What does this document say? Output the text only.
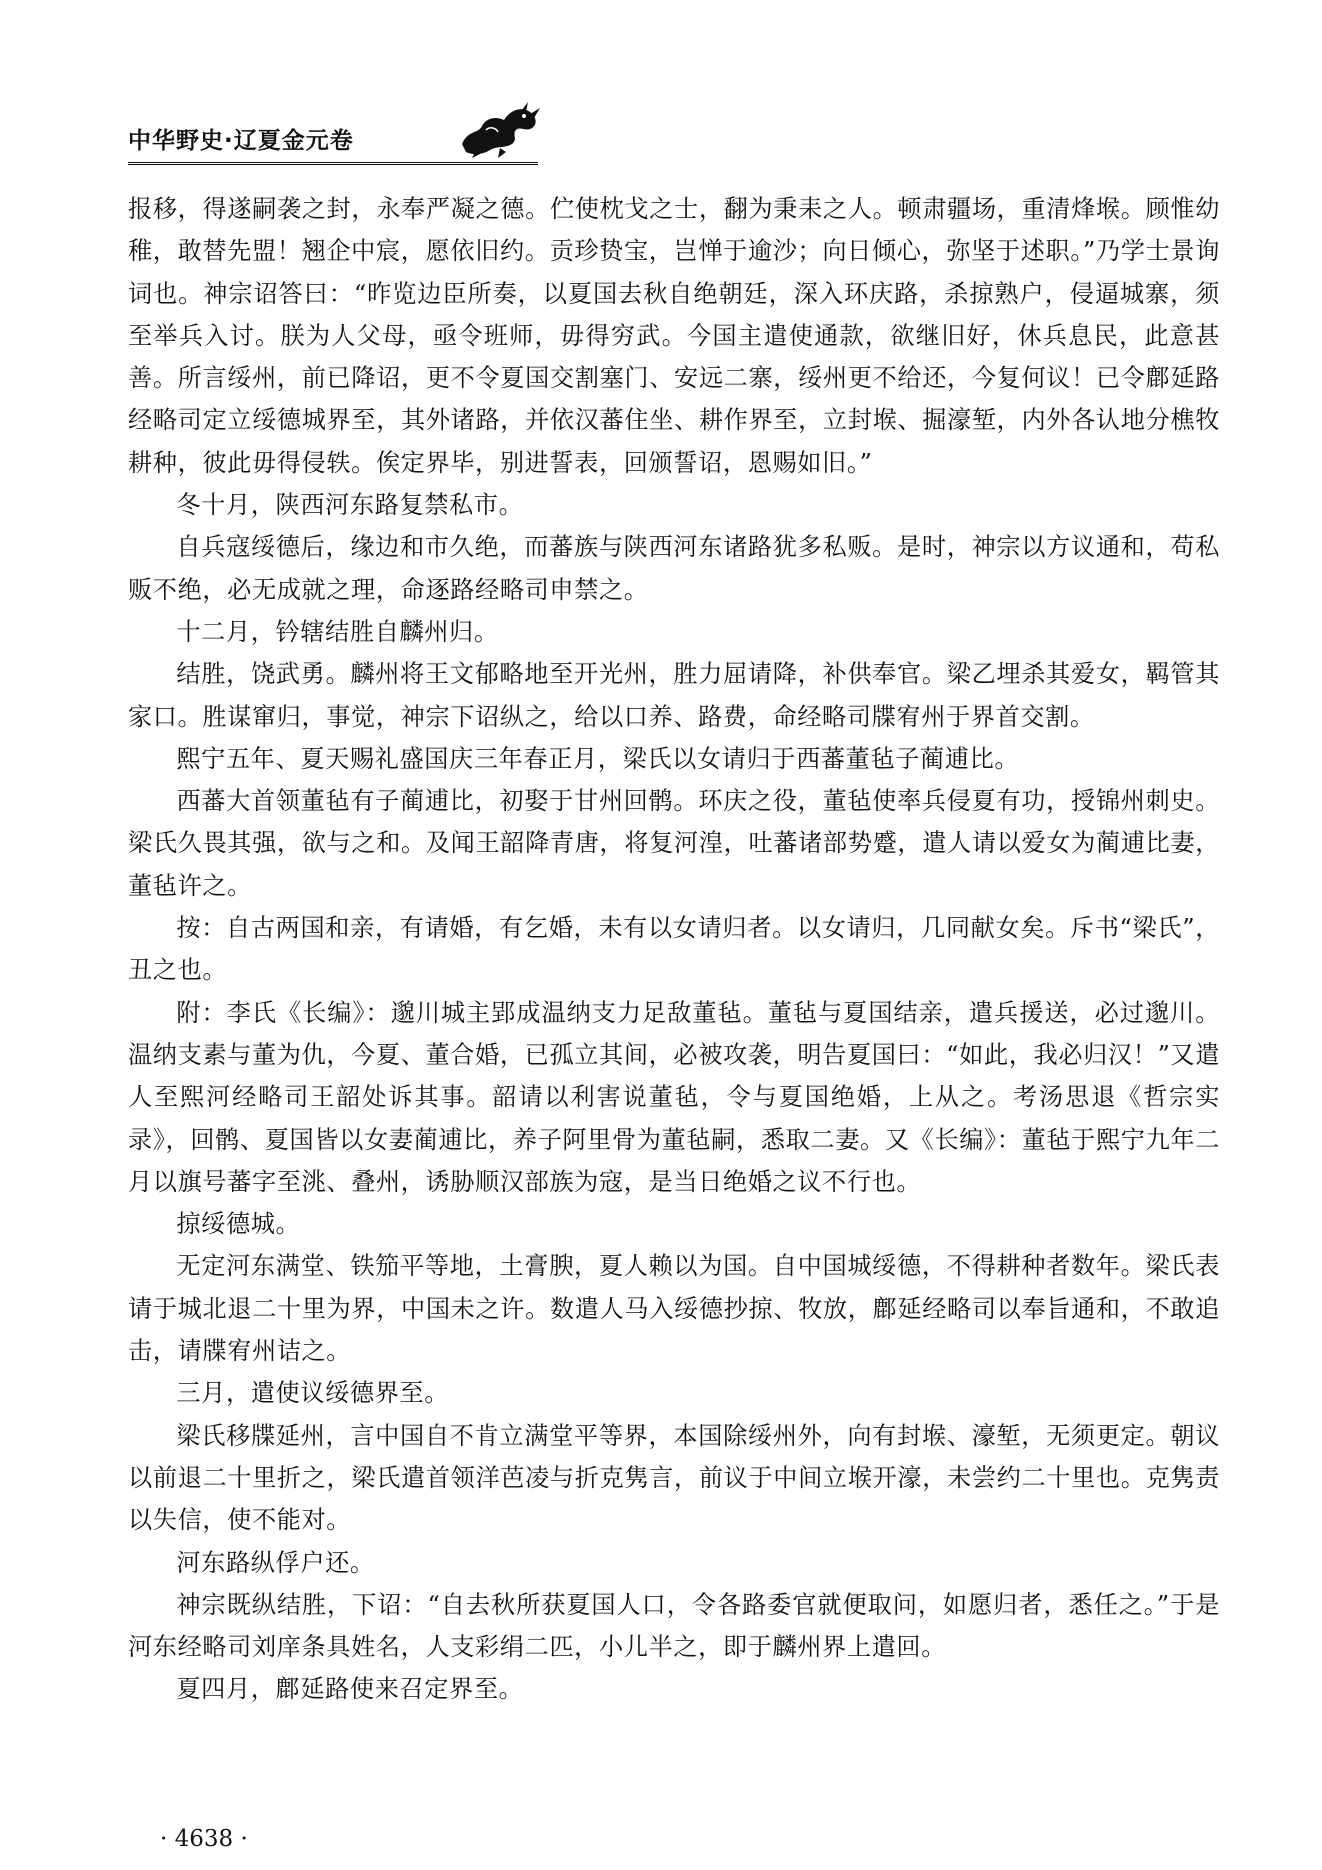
中华野史·辽夏金元卷

报移，得遂嗣袭之封，永奉严凝之德。伫使枕戈之士，翻为秉耒之人。顿肃疆场，重清烽堠。顾惟幼稚，敢替先盟！翘企中宸，愿依旧约。贡珍贽宝，岂惮于逾沙；向日倾心，弥坚于述职。”乃学士景询词也。神宗诏答曰：“昨览边臣所奏，以夏国去秋自绝朝廷，深入环庆路，杀掠熟户，侵逼城寨，须至举兵入讨。朕为人父母，亟令班师，毋得穷武。今国主遣使通款，欲继旧好，休兵息民，此意甚善。所言绥州，前已降诏，更不令夏国交割塞门、安远二寨，绥州更不给还，今复何议！已令鄜延路经略司定立绥德城界至，其外诸路，并依汉蕃住坐、耕作界至，立封堠、掘濠堑，内外各认地分樵牧耕种，彼此毋得侵轶。俟定界毕，别进誓表，回颁誓诏，恩赐如旧。”

冬十月，陕西河东路复禁私市。

自兵寇绥德后，缘边和市久绝，而蕃族与陕西河东诸路犹多私贩。是时，神宗以方议通和，苟私贩不绝，必无成就之理，命逐路经略司申禁之。

十二月，钤辖结胜自麟州归。

结胜，饶武勇。麟州将王文郁略地至开光州，胜力屈请降，补供奉官。梁乙埋杀其爱女，羁管其家口。胜谋窜归，事觉，神宗下诏纵之，给以口养、路费，命经略司牒宥州于界首交割。

熙宁五年、夏天赐礼盛国庆三年春正月，梁氏以女请归于西蕃董毡子蔺逋比。

西蕃大首领董毡有子蔺逋比，初娶于甘州回鹘。环庆之役，董毡使率兵侵夏有功，授锦州刺史。梁氏久畏其强，欲与之和。及闻王韶降青唐，将复河湟，吐蕃诸部势蹙，遣人请以爱女为蔺逋比妻，董毡许之。

按：自古两国和亲，有请婚，有乞婚，未有以女请归者。以女请归，几同献女矣。斥书“梁氏”，丑之也。

附：李氏《长编》：邈川城主郢成温纳支力足敌董毡。董毡与夏国结亲，遣兵援送，必过邈川。温纳支素与董为仇，今夏、董合婚，已孤立其间，必被攻袭，明告夏国曰：“如此，我必归汉！”又遣人至熙河经略司王韶处诉其事。韶请以利害说董毡，令与夏国绝婚，上从之。考汤思退《哲宗实录》，回鹘、夏国皆以女妻蔺逋比，养子阿里骨为董毡嗣，悉取二妻。又《长编》：董毡于熙宁九年二月以旗号蕃字至洮、叠州，诱胁顺汉部族为寇，是当日绝婚之议不行也。

掠绥德城。

无定河东满堂、铁笳平等地，土膏腴，夏人赖以为国。自中国城绥德，不得耕种者数年。梁氏表请于城北退二十里为界，中国未之许。数遣人马入绥德抄掠、牧放，鄜延经略司以奉旨通和，不敢追击，请牒宥州诘之。

三月，遣使议绥德界至。

梁氏移牒延州，言中国自不肯立满堂平等界，本国除绥州外，向有封堠、濠堑，无须更定。朝议以前退二十里折之，梁氏遣首领洋芭凌与折克隽言，前议于中间立堠开濠，未尝约二十里也。克隽责以失信，使不能对。

河东路纵俘户还。

神宗既纵结胜，下诏：“自去秋所获夏国人口，令各路委官就便取问，如愿归者，悉任之。”于是河东经略司刘庠条具姓名，人支彩绢二匹，小儿半之，即于麟州界上遣回。

夏四月，鄜延路使来召定界至。

· 4638 ·
